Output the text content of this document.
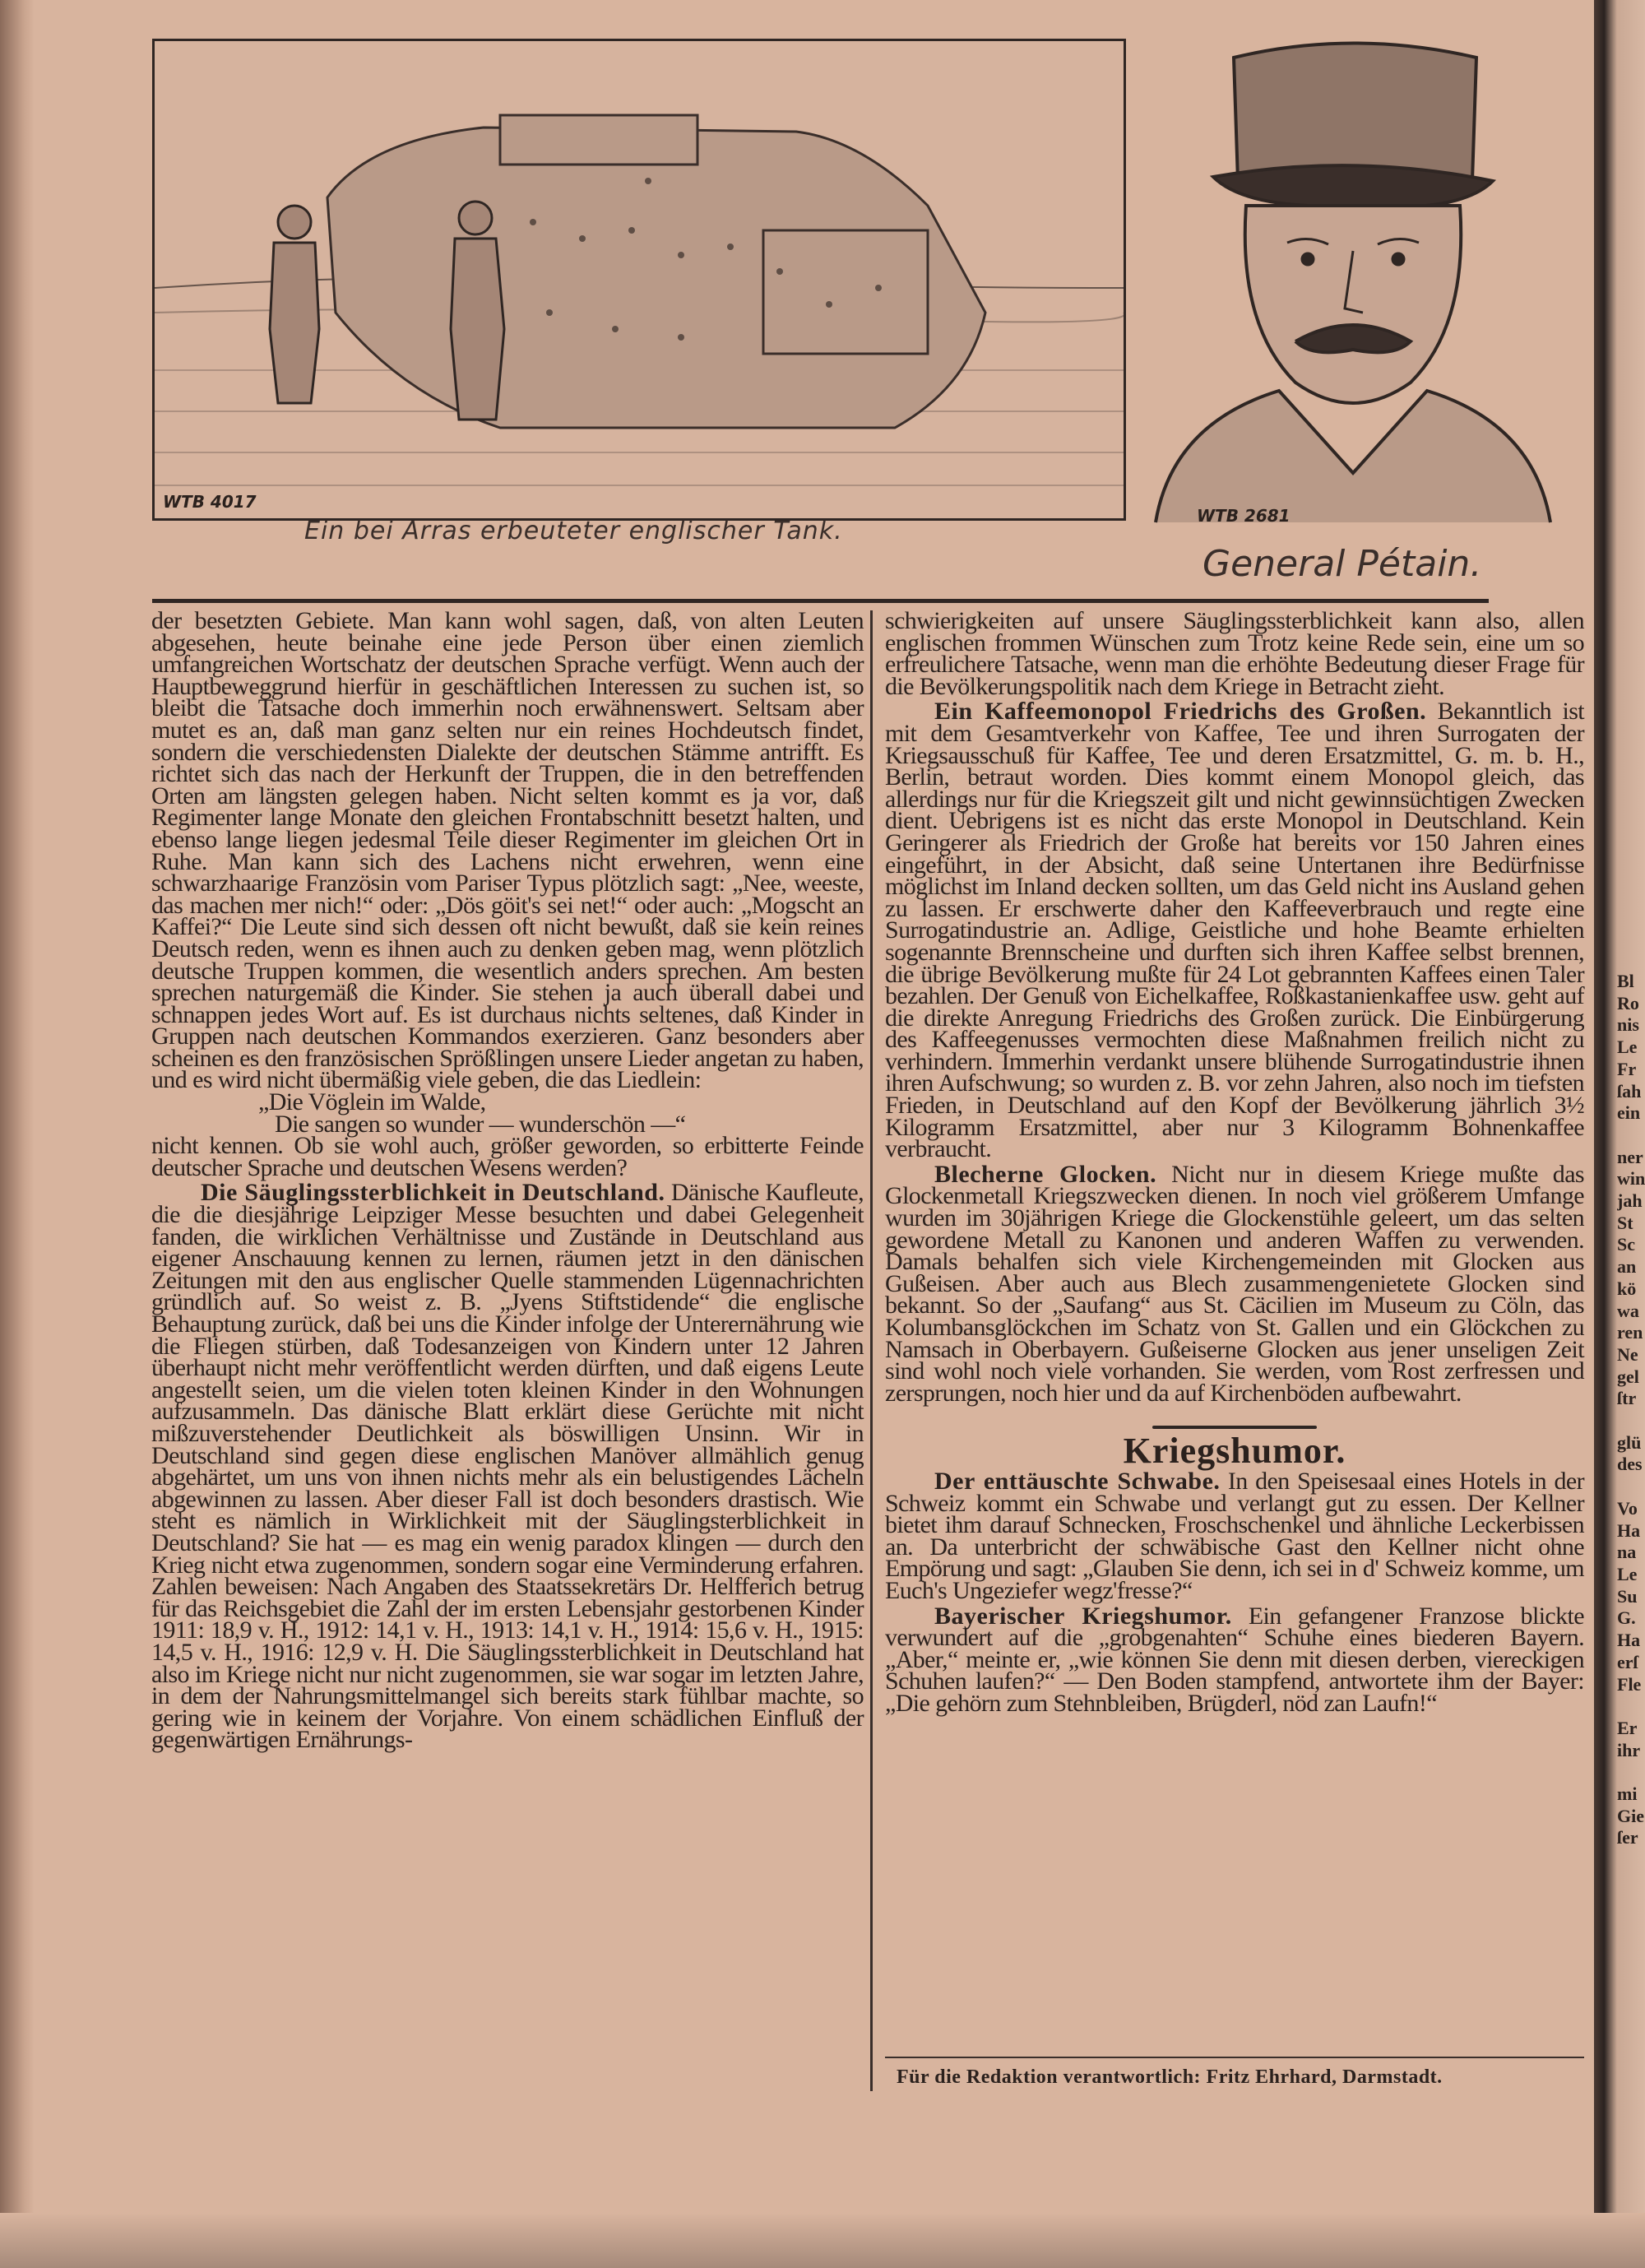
Bl
Ro
nis
Le
Fr
ſah
ein

ner
win
jah
St
Sc
an
kö
wa
ren
Ne
gel
ſtr

glü
des

Vo
Ha
na
Le
Su
G.
Ha
erſ
Fle

Er
ihr

mi
Gie
ſer
WTB 4017
Ein bei Arras erbeuteter englischer Tank.
WTB 2681
General Pétain.

der besetzten Gebiete. Man kann wohl sagen, daß, von alten Leuten abgesehen, heute beinahe eine jede Person über einen ziemlich umfangreichen Wortschatz der deutschen Sprache verfügt. Wenn auch der Hauptbeweggrund hierfür in geschäftlichen Interessen zu suchen ist, so bleibt die Tatsache doch immerhin noch erwähnenswert. Seltsam aber mutet es an, daß man ganz selten nur ein reines Hochdeutsch findet, sondern die verschiedensten Dialekte der deutschen Stämme antrifft. Es richtet sich das nach der Herkunft der Truppen, die in den betreffenden Orten am längsten gelegen haben. Nicht selten kommt es ja vor, daß Regimenter lange Monate den gleichen Frontabschnitt besetzt halten, und ebenso lange liegen jedesmal Teile dieser Regimenter im gleichen Ort in Ruhe. Man kann sich des Lachens nicht erwehren, wenn eine schwarzhaarige Französin vom Pariser Typus plötzlich sagt: „Nee, weeste, das machen mer nich!“ oder: „Dös göit's sei net!“ oder auch: „Mogscht an Kaffei?“ Die Leute sind sich dessen oft nicht bewußt, daß sie kein reines Deutsch reden, wenn es ihnen auch zu denken geben mag, wenn plötzlich deutsche Truppen kommen, die wesentlich anders sprechen. Am besten sprechen naturgemäß die Kinder. Sie stehen ja auch überall dabei und schnappen jedes Wort auf. Es ist durchaus nichts seltenes, daß Kinder in Gruppen nach deutschen Kommandos exerzieren. Ganz besonders aber scheinen es den französischen Sprößlingen unsere Lieder angetan zu haben, und es wird nicht übermäßig viele geben, die das Liedlein:

„Die Vöglein im Walde,

Die sangen so wunder — wunderschön —“

nicht kennen. Ob sie wohl auch, größer geworden, so erbitterte Feinde deutscher Sprache und deutschen Wesens werden?

Die Säuglingssterblichkeit in Deutschland. Dänische Kaufleute, die die diesjährige Leipziger Messe besuchten und dabei Gelegenheit fanden, die wirklichen Verhältnisse und Zustände in Deutschland aus eigener Anschauung kennen zu lernen, räumen jetzt in den dänischen Zeitungen mit den aus englischer Quelle stammenden Lügennachrichten gründlich auf. So weist z. B. „Jyens Stiftstidende“ die englische Behauptung zurück, daß bei uns die Kinder infolge der Unterernährung wie die Fliegen stürben, daß Todesanzeigen von Kindern unter 12 Jahren überhaupt nicht mehr veröffentlicht werden dürften, und daß eigens Leute angestellt seien, um die vielen toten kleinen Kinder in den Wohnungen aufzusammeln. Das dänische Blatt erklärt diese Gerüchte mit nicht mißzuverstehender Deutlichkeit als böswilligen Unsinn. Wir in Deutschland sind gegen diese englischen Manöver allmählich genug abgehärtet, um uns von ihnen nichts mehr als ein belustigendes Lächeln abgewinnen zu lassen. Aber dieser Fall ist doch besonders drastisch. Wie steht es nämlich in Wirklichkeit mit der Säuglingsterblichkeit in Deutschland? Sie hat — es mag ein wenig paradox klingen — durch den Krieg nicht etwa zugenommen, sondern sogar eine Verminderung erfahren. Zahlen beweisen: Nach Angaben des Staatssekretärs Dr. Helfferich betrug für das Reichsgebiet die Zahl der im ersten Lebensjahr gestorbenen Kinder 1911: 18,9 v. H., 1912: 14,1 v. H., 1913: 14,1 v. H., 1914: 15,6 v. H., 1915: 14,5 v. H., 1916: 12,9 v. H. Die Säuglingssterblichkeit in Deutschland hat also im Kriege nicht nur nicht zugenommen, sie war sogar im letzten Jahre, in dem der Nahrungsmittelmangel sich bereits stark fühlbar machte, so gering wie in keinem der Vorjahre. Von einem schädlichen Einfluß der gegenwärtigen Ernährungs-

schwierigkeiten auf unsere Säuglingssterblichkeit kann also, allen englischen frommen Wünschen zum Trotz keine Rede sein, eine um so erfreulichere Tatsache, wenn man die erhöhte Bedeutung dieser Frage für die Bevölkerungspolitik nach dem Kriege in Betracht zieht.

Ein Kaffeemonopol Friedrichs des Großen. Bekanntlich ist mit dem Gesamtverkehr von Kaffee, Tee und ihren Surrogaten der Kriegsausschuß für Kaffee, Tee und deren Ersatzmittel, G. m. b. H., Berlin, betraut worden. Dies kommt einem Monopol gleich, das allerdings nur für die Kriegszeit gilt und nicht gewinnsüchtigen Zwecken dient. Uebrigens ist es nicht das erste Monopol in Deutschland. Kein Geringerer als Friedrich der Große hat bereits vor 150 Jahren eines eingeführt, in der Absicht, daß seine Untertanen ihre Bedürfnisse möglichst im Inland decken sollten, um das Geld nicht ins Ausland gehen zu lassen. Er erschwerte daher den Kaffeeverbrauch und regte eine Surrogatindustrie an. Adlige, Geistliche und hohe Beamte erhielten sogenannte Brennscheine und durften sich ihren Kaffee selbst brennen, die übrige Bevölkerung mußte für 24 Lot gebrannten Kaffees einen Taler bezahlen. Der Genuß von Eichelkaffee, Roßkastanienkaffee usw. geht auf die direkte Anregung Friedrichs des Großen zurück. Die Einbürgerung des Kaffeegenusses vermochten diese Maßnahmen freilich nicht zu verhindern. Immerhin verdankt unsere blühende Surrogatindustrie ihnen ihren Aufschwung; so wurden z. B. vor zehn Jahren, also noch im tiefsten Frieden, in Deutschland auf den Kopf der Bevölkerung jährlich 3½ Kilogramm Ersatzmittel, aber nur 3 Kilogramm Bohnenkaffee verbraucht.

Blecherne Glocken. Nicht nur in diesem Kriege mußte das Glockenmetall Kriegszwecken dienen. In noch viel größerem Umfange wurden im 30jährigen Kriege die Glockenstühle geleert, um das selten gewordene Metall zu Kanonen und anderen Waffen zu verwenden. Damals behalfen sich viele Kirchengemeinden mit Glocken aus Gußeisen. Aber auch aus Blech zusammengenietete Glocken sind bekannt. So der „Saufang“ aus St. Cäcilien im Museum zu Cöln, das Kolumbansglöckchen im Schatz von St. Gallen und ein Glöckchen zu Namsach in Oberbayern. Gußeiserne Glocken aus jener unseligen Zeit sind wohl noch viele vorhanden. Sie werden, vom Rost zerfressen und zersprungen, noch hier und da auf Kirchenböden aufbewahrt.

Kriegshumor.

Der enttäuschte Schwabe. In den Speisesaal eines Hotels in der Schweiz kommt ein Schwabe und verlangt gut zu essen. Der Kellner bietet ihm darauf Schnecken, Froschschenkel und ähnliche Leckerbissen an. Da unterbricht der schwäbische Gast den Kellner nicht ohne Empörung und sagt: „Glauben Sie denn, ich sei in d' Schweiz komme, um Euch's Ungeziefer wegz'fresse?“

Bayerischer Kriegshumor. Ein gefangener Franzose blickte verwundert auf die „grobgenahten“ Schuhe eines biederen Bayern. „Aber,“ meinte er, „wie können Sie denn mit diesen derben, viereckigen Schuhen laufen?“ — Den Boden stampfend, antwortete ihm der Bayer: „Die gehörn zum Stehnbleiben, Brügderl, nöd zan Laufn!“

Für die Redaktion verantwortlich: Fritz Ehrhard, Darmstadt.
